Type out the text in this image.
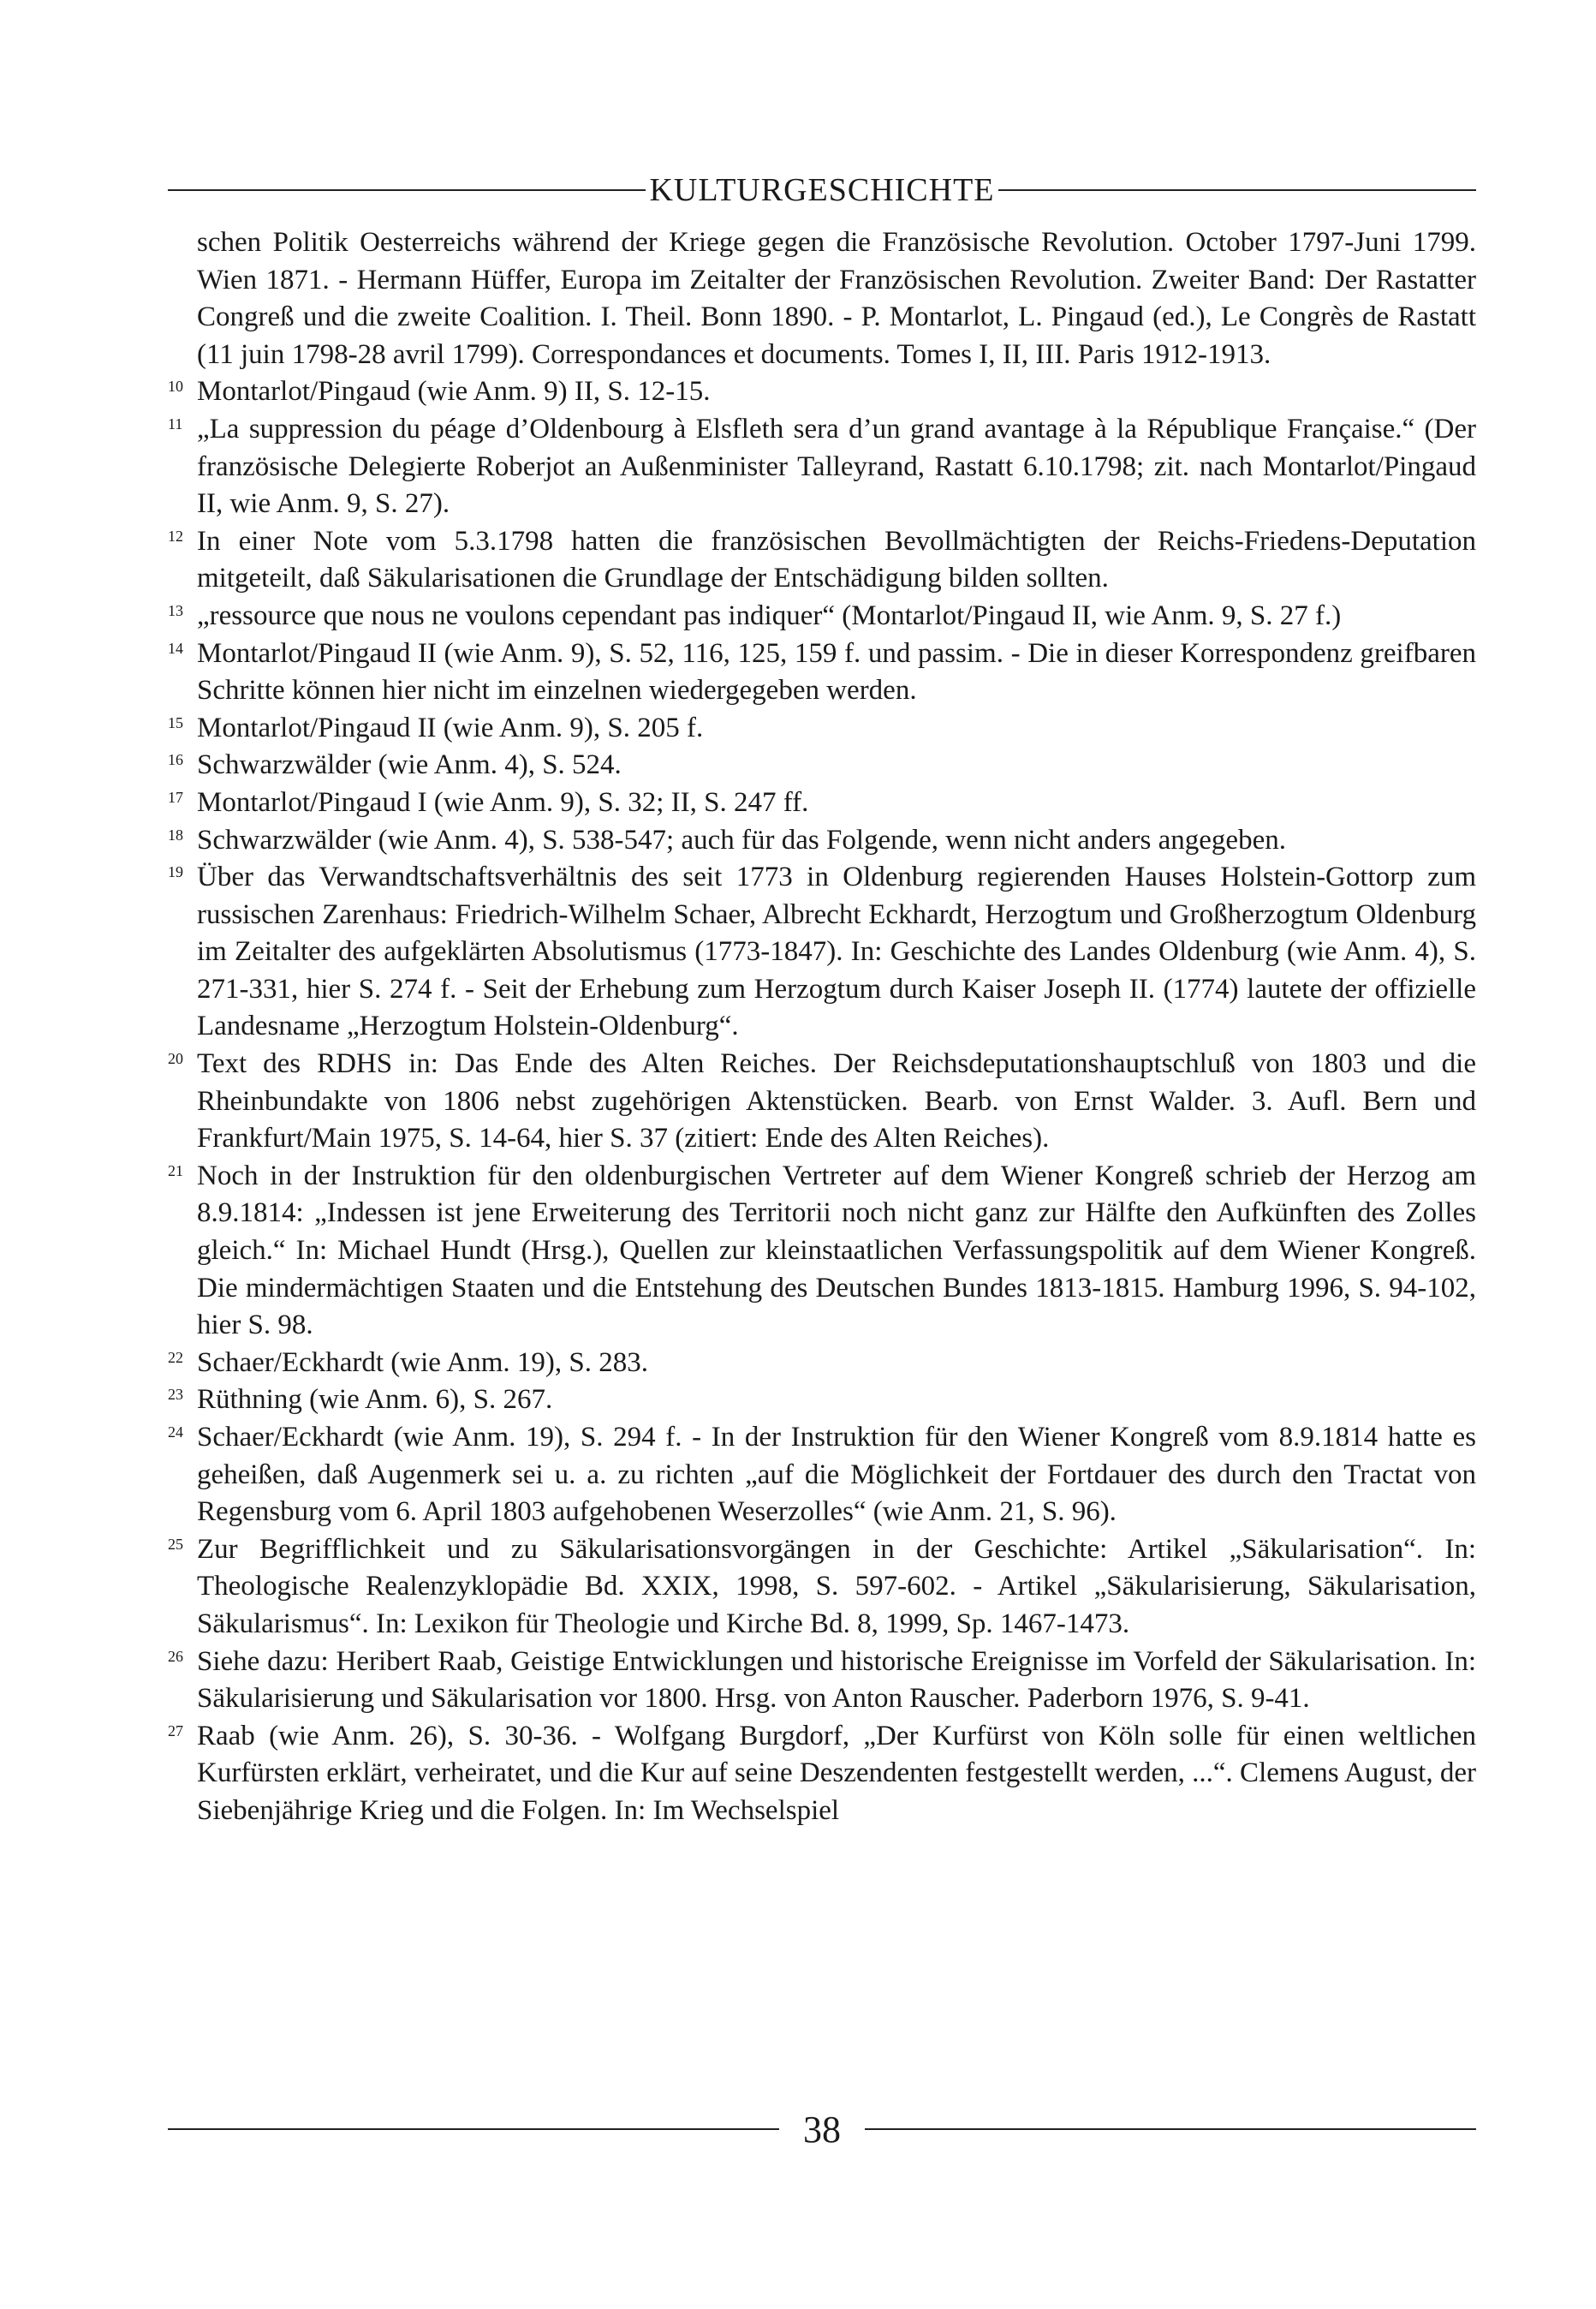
KULTURGESCHICHTE
schen Politik Oesterreichs während der Kriege gegen die Französische Revolution. October 1797-Juni 1799. Wien 1871. - Hermann Hüffer, Europa im Zeitalter der Französischen Revolution. Zweiter Band: Der Rastatter Congreß und die zweite Coalition. I. Theil. Bonn 1890. - P. Montarlot, L. Pingaud (ed.), Le Congrès de Rastatt (11 juin 1798-28 avril 1799). Correspondances et documents. Tomes I, II, III. Paris 1912-1913.
10 Montarlot/Pingaud (wie Anm. 9) II, S. 12-15.
11 „La suppression du péage d’Oldenbourg à Elsfleth sera d’un grand avantage à la République Française.“ (Der französische Delegierte Roberjot an Außenminister Talleyrand, Rastatt 6.10.1798; zit. nach Montarlot/Pingaud II, wie Anm. 9, S. 27).
12 In einer Note vom 5.3.1798 hatten die französischen Bevollmächtigten der Reichs-Friedens-Deputation mitgeteilt, daß Säkularisationen die Grundlage der Entschädigung bilden sollten.
13 „ressource que nous ne voulons cependant pas indiquer“ (Montarlot/Pingaud II, wie Anm. 9, S. 27 f.)
14 Montarlot/Pingaud II (wie Anm. 9), S. 52, 116, 125, 159 f. und passim. - Die in dieser Korrespondenz greifbaren Schritte können hier nicht im einzelnen wiedergegeben werden.
15 Montarlot/Pingaud II (wie Anm. 9), S. 205 f.
16 Schwarzwälder (wie Anm. 4), S. 524.
17 Montarlot/Pingaud I (wie Anm. 9), S. 32; II, S. 247 ff.
18 Schwarzwälder (wie Anm. 4), S. 538-547; auch für das Folgende, wenn nicht anders angegeben.
19 Über das Verwandtschaftsverhältnis des seit 1773 in Oldenburg regierenden Hauses Holstein-Gottorp zum russischen Zarenhaus: Friedrich-Wilhelm Schaer, Albrecht Eckhardt, Herzogtum und Großherzogtum Oldenburg im Zeitalter des aufgeklärten Absolutismus (1773-1847). In: Geschichte des Landes Oldenburg (wie Anm. 4), S. 271-331, hier S. 274 f. - Seit der Erhebung zum Herzogtum durch Kaiser Joseph II. (1774) lautete der offizielle Landesname „Herzogtum Holstein-Oldenburg“.
20 Text des RDHS in: Das Ende des Alten Reiches. Der Reichsdeputationshauptschluß von 1803 und die Rheinbundakte von 1806 nebst zugehörigen Aktenstücken. Bearb. von Ernst Walder. 3. Aufl. Bern und Frankfurt/Main 1975, S. 14-64, hier S. 37 (zitiert: Ende des Alten Reiches).
21 Noch in der Instruktion für den oldenburgischen Vertreter auf dem Wiener Kongreß schrieb der Herzog am 8.9.1814: „Indessen ist jene Erweiterung des Territorii noch nicht ganz zur Hälfte den Aufkünften des Zolles gleich.“ In: Michael Hundt (Hrsg.), Quellen zur kleinstaatlichen Verfassungspolitik auf dem Wiener Kongreß. Die mindermächtigen Staaten und die Entstehung des Deutschen Bundes 1813-1815. Hamburg 1996, S. 94-102, hier S. 98.
22 Schaer/Eckhardt (wie Anm. 19), S. 283.
23 Rüthning (wie Anm. 6), S. 267.
24 Schaer/Eckhardt (wie Anm. 19), S. 294 f. - In der Instruktion für den Wiener Kongreß vom 8.9.1814 hatte es geheißen, daß Augenmerk sei u. a. zu richten „auf die Möglichkeit der Fortdauer des durch den Tractat von Regensburg vom 6. April 1803 aufgehobenen Weserzolles“ (wie Anm. 21, S. 96).
25 Zur Begrifflichkeit und zu Säkularisationsvorgängen in der Geschichte: Artikel „Säkularisation“. In: Theologische Realenzyklopädie Bd. XXIX, 1998, S. 597-602. - Artikel „Säkularisierung, Säkularisation, Säkularismus“. In: Lexikon für Theologie und Kirche Bd. 8, 1999, Sp. 1467-1473.
26 Siehe dazu: Heribert Raab, Geistige Entwicklungen und historische Ereignisse im Vorfeld der Säkularisation. In: Säkularisierung und Säkularisation vor 1800. Hrsg. von Anton Rauscher. Paderborn 1976, S. 9-41.
27 Raab (wie Anm. 26), S. 30-36. - Wolfgang Burgdorf, „Der Kurfürst von Köln solle für einen weltlichen Kurfürsten erklärt, verheiratet, und die Kur auf seine Deszendenten festgestellt werden, ...“. Clemens August, der Siebenjährige Krieg und die Folgen. In: Im Wechselspiel
38
